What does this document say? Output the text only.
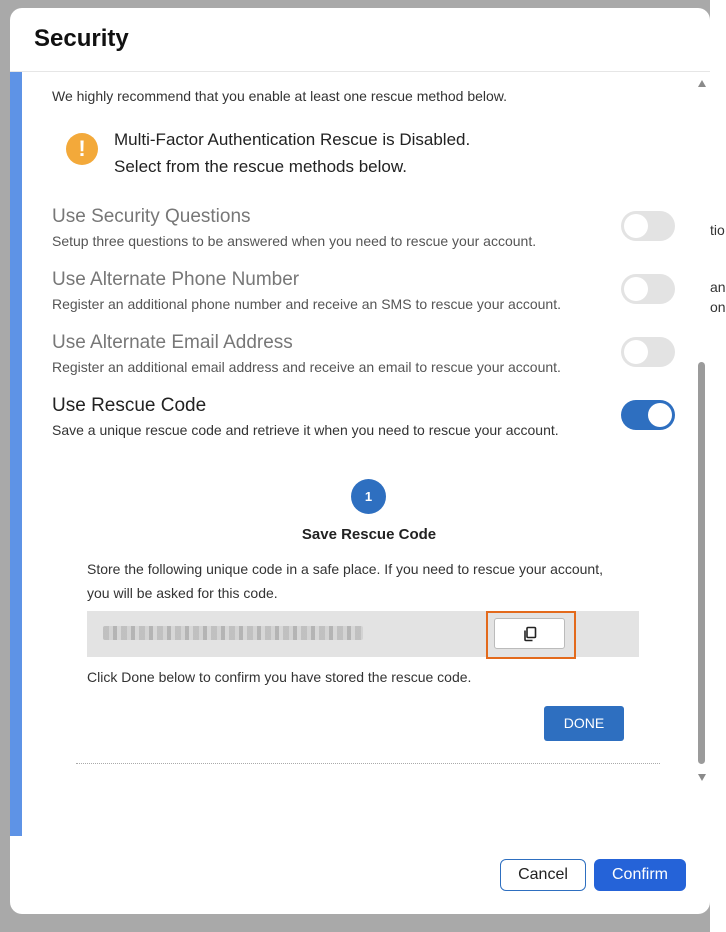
tio
an
on
Security
We highly recommend that you enable at least one rescue method below.
!	Multi-Factor Authentication Rescue is Disabled.
Select from the rescue methods below.
Use Security Questions
Setup three questions to be answered when you need to rescue your account.
Use Alternate Phone Number
Register an additional phone number and receive an SMS to rescue your account.
Use Alternate Email Address
Register an additional email address and receive an email to rescue your account.
Use Rescue Code
Save a unique rescue code and retrieve it when you need to rescue your account.
1
Save Rescue Code
Store the following unique code in a safe place. If you need to rescue your account, you will be asked for this code.
Click Done below to confirm you have stored the rescue code.
DONE
Cancel	Confirm
